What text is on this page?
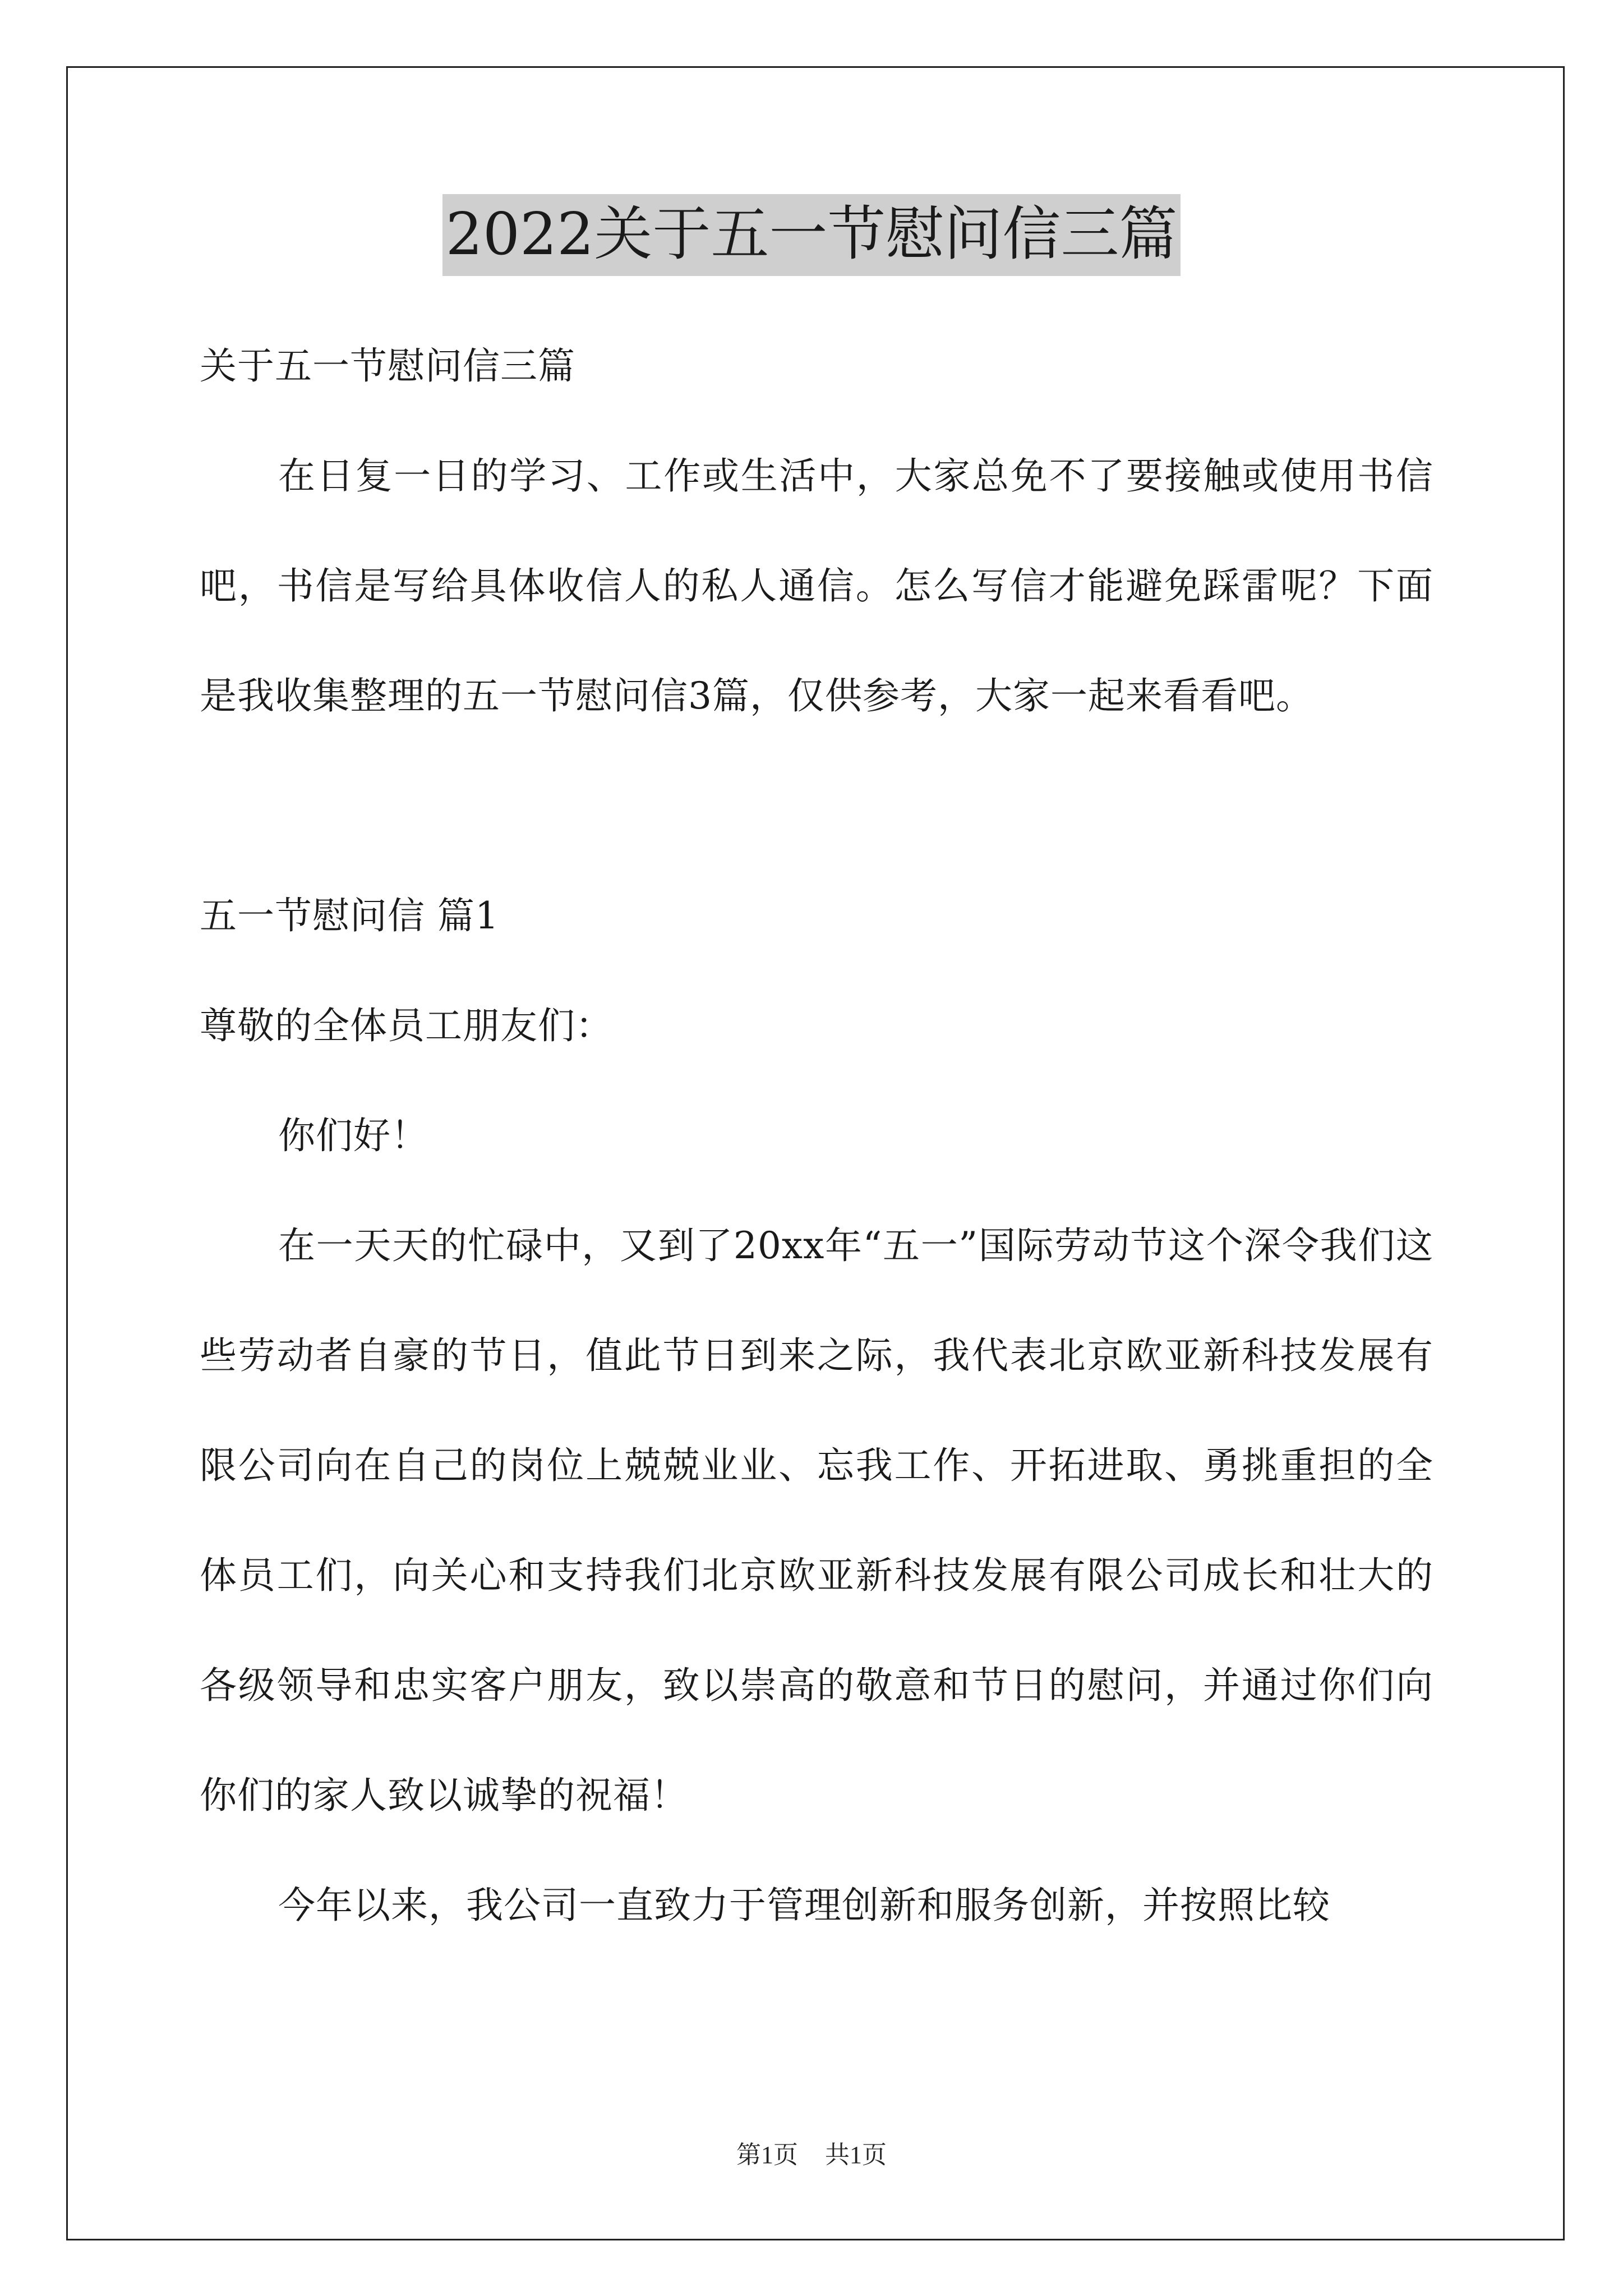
2022关于五一节慰问信三篇

关于五一节慰问信三篇

在日复一日的学习、工作或生活中，大家总免不了要接触或使用书信吧，书信是写给具体收信人的私人通信。怎么写信才能避免踩雷呢？下面是我收集整理的五一节慰问信3篇，仅供参考，大家一起来看看吧。

五一节慰问信 篇1

尊敬的全体员工朋友们：

你们好！

在一天天的忙碌中，又到了20xx年“五一”国际劳动节这个深令我们这些劳动者自豪的节日，值此节日到来之际，我代表北京欧亚新科技发展有限公司向在自己的岗位上兢兢业业、忘我工作、开拓进取、勇挑重担的全体员工们，向关心和支持我们北京欧亚新科技发展有限公司成长和壮大的各级领导和忠实客户朋友，致以崇高的敬意和节日的慰问，并通过你们向你们的家人致以诚挚的祝福！

今年以来，我公司一直致力于管理创新和服务创新，并按照比较

第1页 共1页
